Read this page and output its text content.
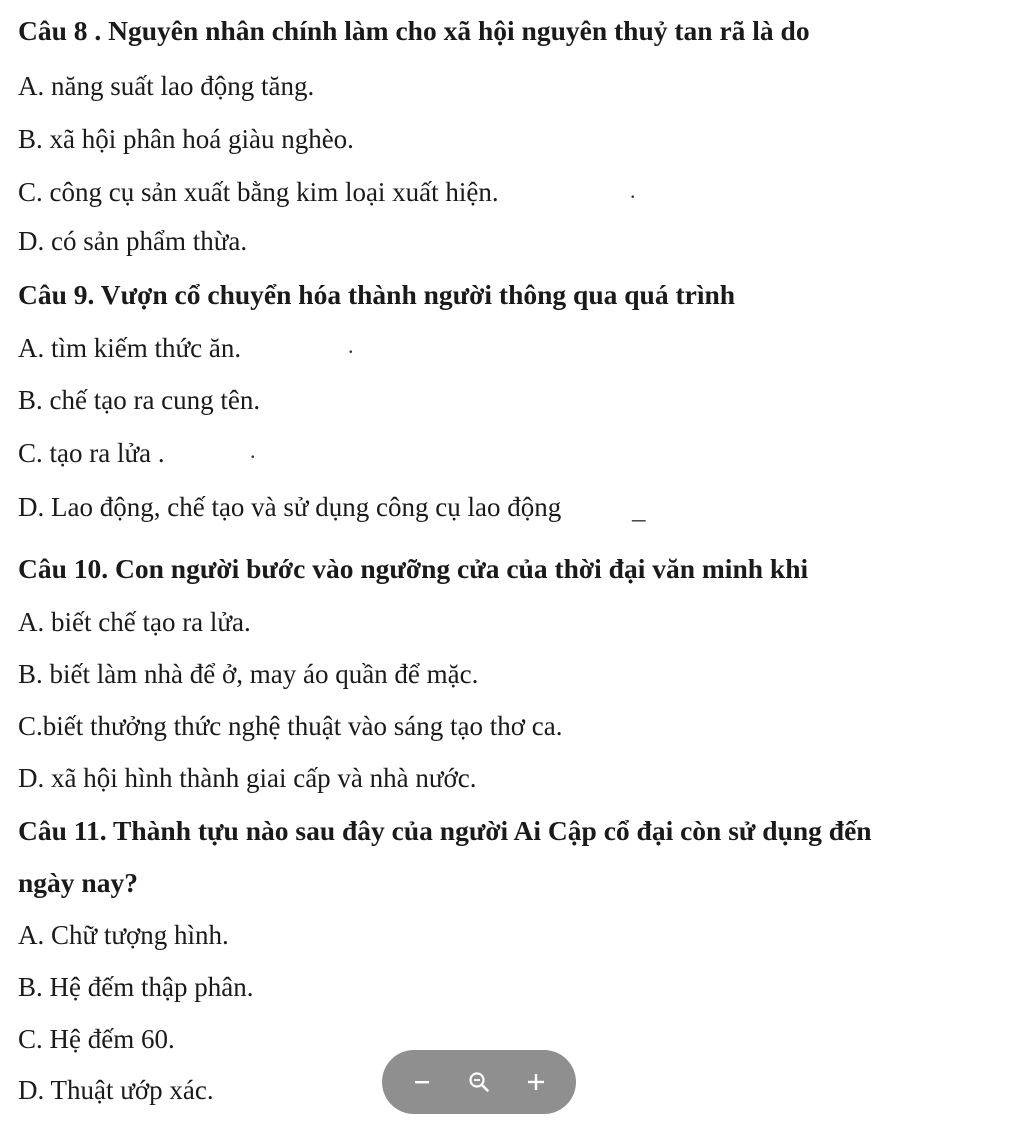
Câu 8 . Nguyên nhân chính làm cho xã hội nguyên thuỷ tan rã là do
A. năng suất lao động tăng.
B. xã hội phân hoá giàu nghèo.
C. công cụ sản xuất bằng kim loại xuất hiện.	.
D. có sản phẩm thừa.
Câu 9. Vượn cổ chuyển hóa thành người thông qua quá trình
A. tìm kiếm thức ăn.	.
B. chế tạo ra cung tên.
C. tạo ra lửa .	.
D. Lao động, chế tạo và sử dụng công cụ lao động	_
Câu 10. Con người bước vào ngưỡng cửa của thời đại văn minh khi
A. biết chế tạo ra lửa.
B. biết làm nhà để ở, may áo quần để mặc.
C.biết thưởng thức nghệ thuật vào sáng tạo thơ ca.
D. xã hội hình thành giai cấp và nhà nước.
Câu 11. Thành tựu nào sau đây của người Ai Cập cổ đại còn sử dụng đến
ngày nay?
A. Chữ tượng hình.
B. Hệ đếm thập phân.
C. Hệ đếm 60.
D. Thuật ướp xác.
